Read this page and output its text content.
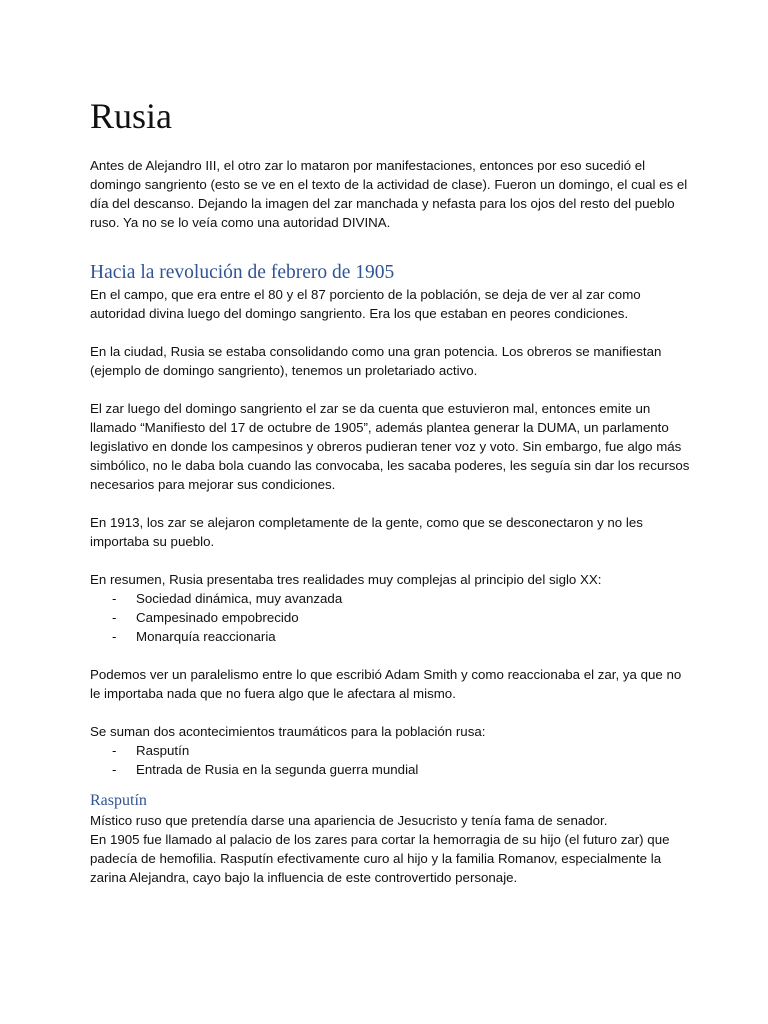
Rusia

Antes de Alejandro III, el otro zar lo mataron por manifestaciones, entonces por eso sucedió el domingo sangriento (esto se ve en el texto de la actividad de clase). Fueron un domingo, el cual es el día del descanso. Dejando la imagen del zar manchada y nefasta para los ojos del resto del pueblo ruso. Ya no se lo veía como una autoridad DIVINA.

Hacia la revolución de febrero de 1905

En el campo, que era entre el 80 y el 87 porciento de la población, se deja de ver al zar como autoridad divina luego del domingo sangriento. Era los que estaban en peores condiciones.

En la ciudad, Rusia se estaba consolidando como una gran potencia. Los obreros se manifiestan (ejemplo de domingo sangriento), tenemos un proletariado activo.

El zar luego del domingo sangriento el zar se da cuenta que estuvieron mal, entonces emite un llamado “Manifiesto del 17 de octubre de 1905”, además plantea generar la DUMA, un parlamento legislativo en donde los campesinos y obreros pudieran tener voz y voto. Sin embargo, fue algo más simbólico, no le daba bola cuando las convocaba, les sacaba poderes, les seguía sin dar los recursos necesarios para mejorar sus condiciones.

En 1913, los zar se alejaron completamente de la gente, como que se desconectaron y no les importaba su pueblo.

En resumen, Rusia presentaba tres realidades muy complejas al principio del siglo XX:

- Sociedad dinámica, muy avanzada
- Campesinado empobrecido
- Monarquía reaccionaria

Podemos ver un paralelismo entre lo que escribió Adam Smith y como reaccionaba el zar, ya que no le importaba nada que no fuera algo que le afectara al mismo.

Se suman dos acontecimientos traumáticos para la población rusa:

- Rasputín
- Entrada de Rusia en la segunda guerra mundial
Rasputín

Místico ruso que pretendía darse una apariencia de Jesucristo y tenía fama de senador.

En 1905 fue llamado al palacio de los zares para cortar la hemorragia de su hijo (el futuro zar) que padecía de hemofilia. Rasputín efectivamente curo al hijo y la familia Romanov, especialmente la zarina Alejandra, cayo bajo la influencia de este controvertido personaje.
